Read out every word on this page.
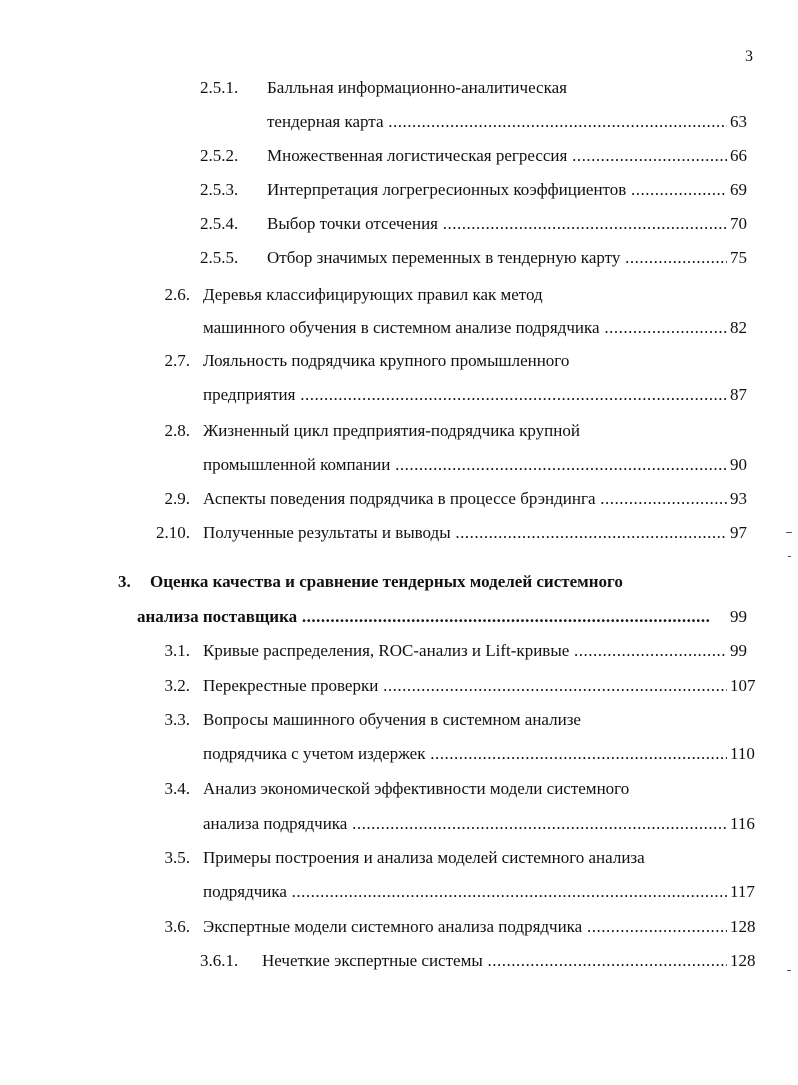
3
2.5.1.	Балльная информационно-аналитическая
тендерная карта .....	63
2.5.2. Множественная логистическая регрессия .....	66
2.5.3. Интерпретация логрегресионных коэффициентов .....	69
2.5.4. Выбор точки отсечения .....	70
2.5.5. Отбор значимых переменных в тендерную карту .....	75
2.6. Деревья классифицирующих правил как метод
машинного обучения в системном анализе подрядчика .....	82
2.7. Лояльность подрядчика крупного промышленного
предприятия .....	87
2.8. Жизненный цикл предприятия-подрядчика крупной
промышленной компании .....	90
2.9. Аспекты поведения подрядчика в процессе брэндинга .....	93
2.10. Полученные результаты и выводы .....	97
3. Оценка качества и сравнение тендерных моделей системного
анализа поставщика .....	99
3.1. Кривые распределения, ROC-анализ и Lift-кривые .....	99
3.2. Перекрестные проверки .....	107
3.3. Вопросы машинного обучения в системном анализе
подрядчика с учетом издержек .....	110
3.4. Анализ экономической эффективности модели системного
анализа подрядчика .....	116
3.5. Примеры построения и анализа моделей системного анализа
подрядчика .....	117
3.6. Экспертные модели системного анализа подрядчика .....	128
3.6.1. Нечеткие экспертные системы .....	128
